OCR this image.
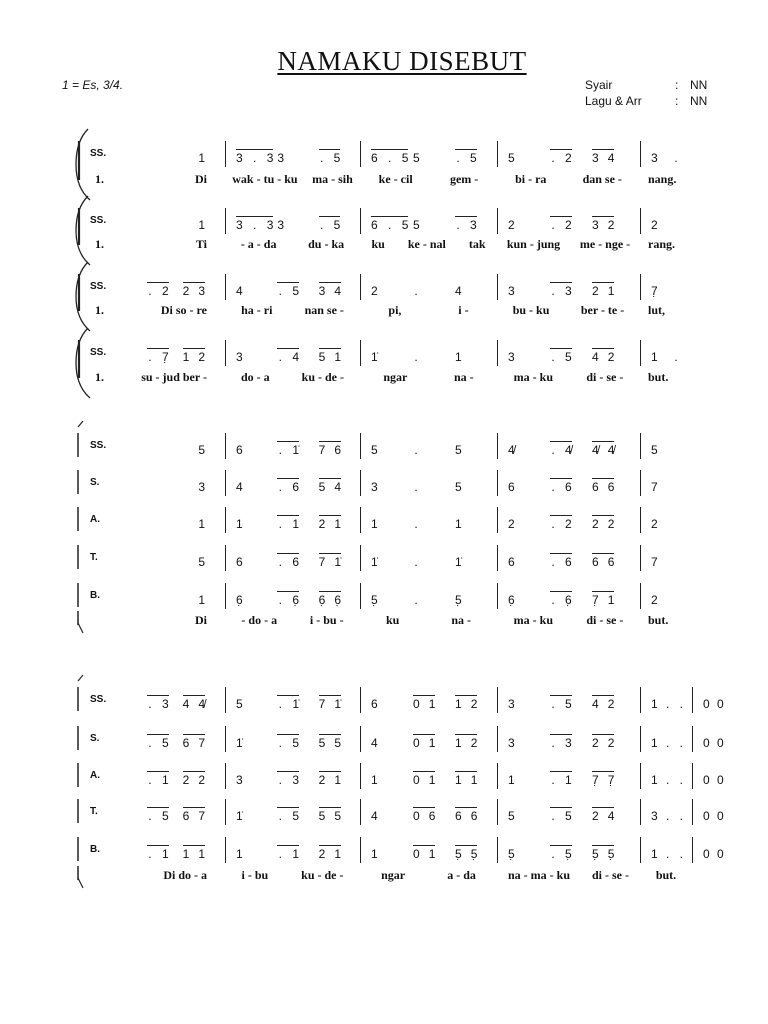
NAMAKU DISEBUT
1 = Es, 3/4.	Syair	: NN
Lagu & Arr	: NN
SS.	1	3 . 3 3	. 5	6 . 5 5	. 5	5	. 2 3 4	3 .
1.	Di wak - tu - ku ma - sih ke - cil	gem -	bi - ra	dan se - nang.
SS.	1	3 . 3 3	. 5	6 . 5 5	. 3	2	. 2 3 2	2
1.	Ti	- a - da	du - ka ku ke - nal tak kun - jung me - nge - rang.
SS.	. 2 2 3	4	. 5 3 4 2	.	4	3	. 3 2 1	7̣
1.	Di so - re	ha - ri	nan se -	pi,	i -	bu - ku	ber - te - lut,
SS.	. 7̣ 1 2	3	. 4 5 1 1̇	.	1	3	. 5 4 2	1 .
1.	su - jud ber -	do - a	ku - de -	ngar	na -	ma - ku	di - se - but.
SS.	5	6	. 1̇ 7 6 5	.	5	4̸	. 4̸ 4̸ 4̸	5
S.	3	4	. 6 5 4 3	.	5	6	. 6 6 6	7
A.	1	1	. 1 2 1 1	.	1	2	. 2 2 2	2
T.	5	6	. 6 7 1̇ 1̇	.	1̇	6	. 6 6 6	7
B.	1	6̣	. 6̣ 6̣ 6̣ 5̣	.	5̣	6̣	. 6̣ 7̣ 1	2
Di	- do - a	i - bu -	ku	na -	ma - ku	di - se - but.
SS.	. 3 4 4̸	5	. 1̇ 7 1̇ 6	0 1 1 2	3	. 5 4 2	1 . . 0 0
S.	. 5 6 7	1̇	. 5 5 5 4	0 1 1 2	3	. 3 2 2	1 . . 0 0
A.	. 1 2 2	3	. 3 2 1 1	0 1 1 1	1	. 1 7̣ 7̣	1 . . 0 0
T.	. 5 6 7	1̇	. 5 5 5 4	0 6 6 6	5	. 5 2 4	3 . . 0 0
B.	. 1 1 1	1	. 1 2 1 1	0 1 5̣ 5̣	5̣	. 5̣ 5̣ 5̣	1 . . 0 0
Di do - a	i - bu	ku - de -	ngar	a - da	na - ma - ku di - se - but.
